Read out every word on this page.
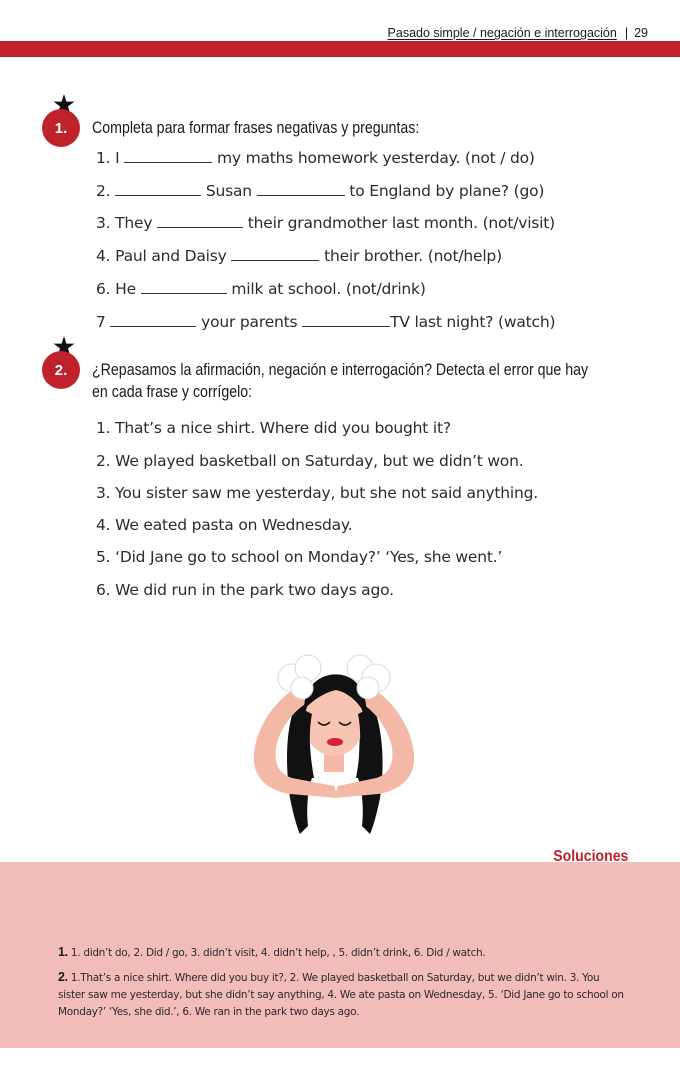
Pasado simple / negación e interrogación | 29
1.	Completa para formar frases negativas y preguntas:
1. I	my maths homework yesterday. (not / do)
2.	Susan	to England by plane? (go)
3. They	their grandmother last month. (not/visit)
4. Paul and Daisy	their brother. (not/help)
6. He	milk at school. (not/drink)
7	your parents	TV last night? (watch)
2.	¿Repasamos la afirmación, negación e interrogación? Detecta el error que hay
en cada frase y corrígelo:
1. That’s a nice shirt. Where did you bought it?
2. We played basketball on Saturday, but we didn’t won.
3. You sister saw me yesterday, but she not said anything.
4. We eated pasta on Wednesday.
5. ‘Did Jane go to school on Monday?’ ‘Yes, she went.’
6. We did run in the park two days ago.
Soluciones
1. 1. didn’t do, 2. Did / go, 3. didn’t visit, 4. didn’t help, , 5. didn’t drink, 6. Did / watch.
2. 1.That’s a nice shirt. Where did you buy it?, 2. We played basketball on Saturday, but we didn’t win. 3. You sister saw me yesterday, but she didn’t say anything, 4. We ate pasta on Wednesday, 5. ‘Did Jane go to school on Monday?’ ‘Yes, she did.’, 6. We ran in the park two days ago.
